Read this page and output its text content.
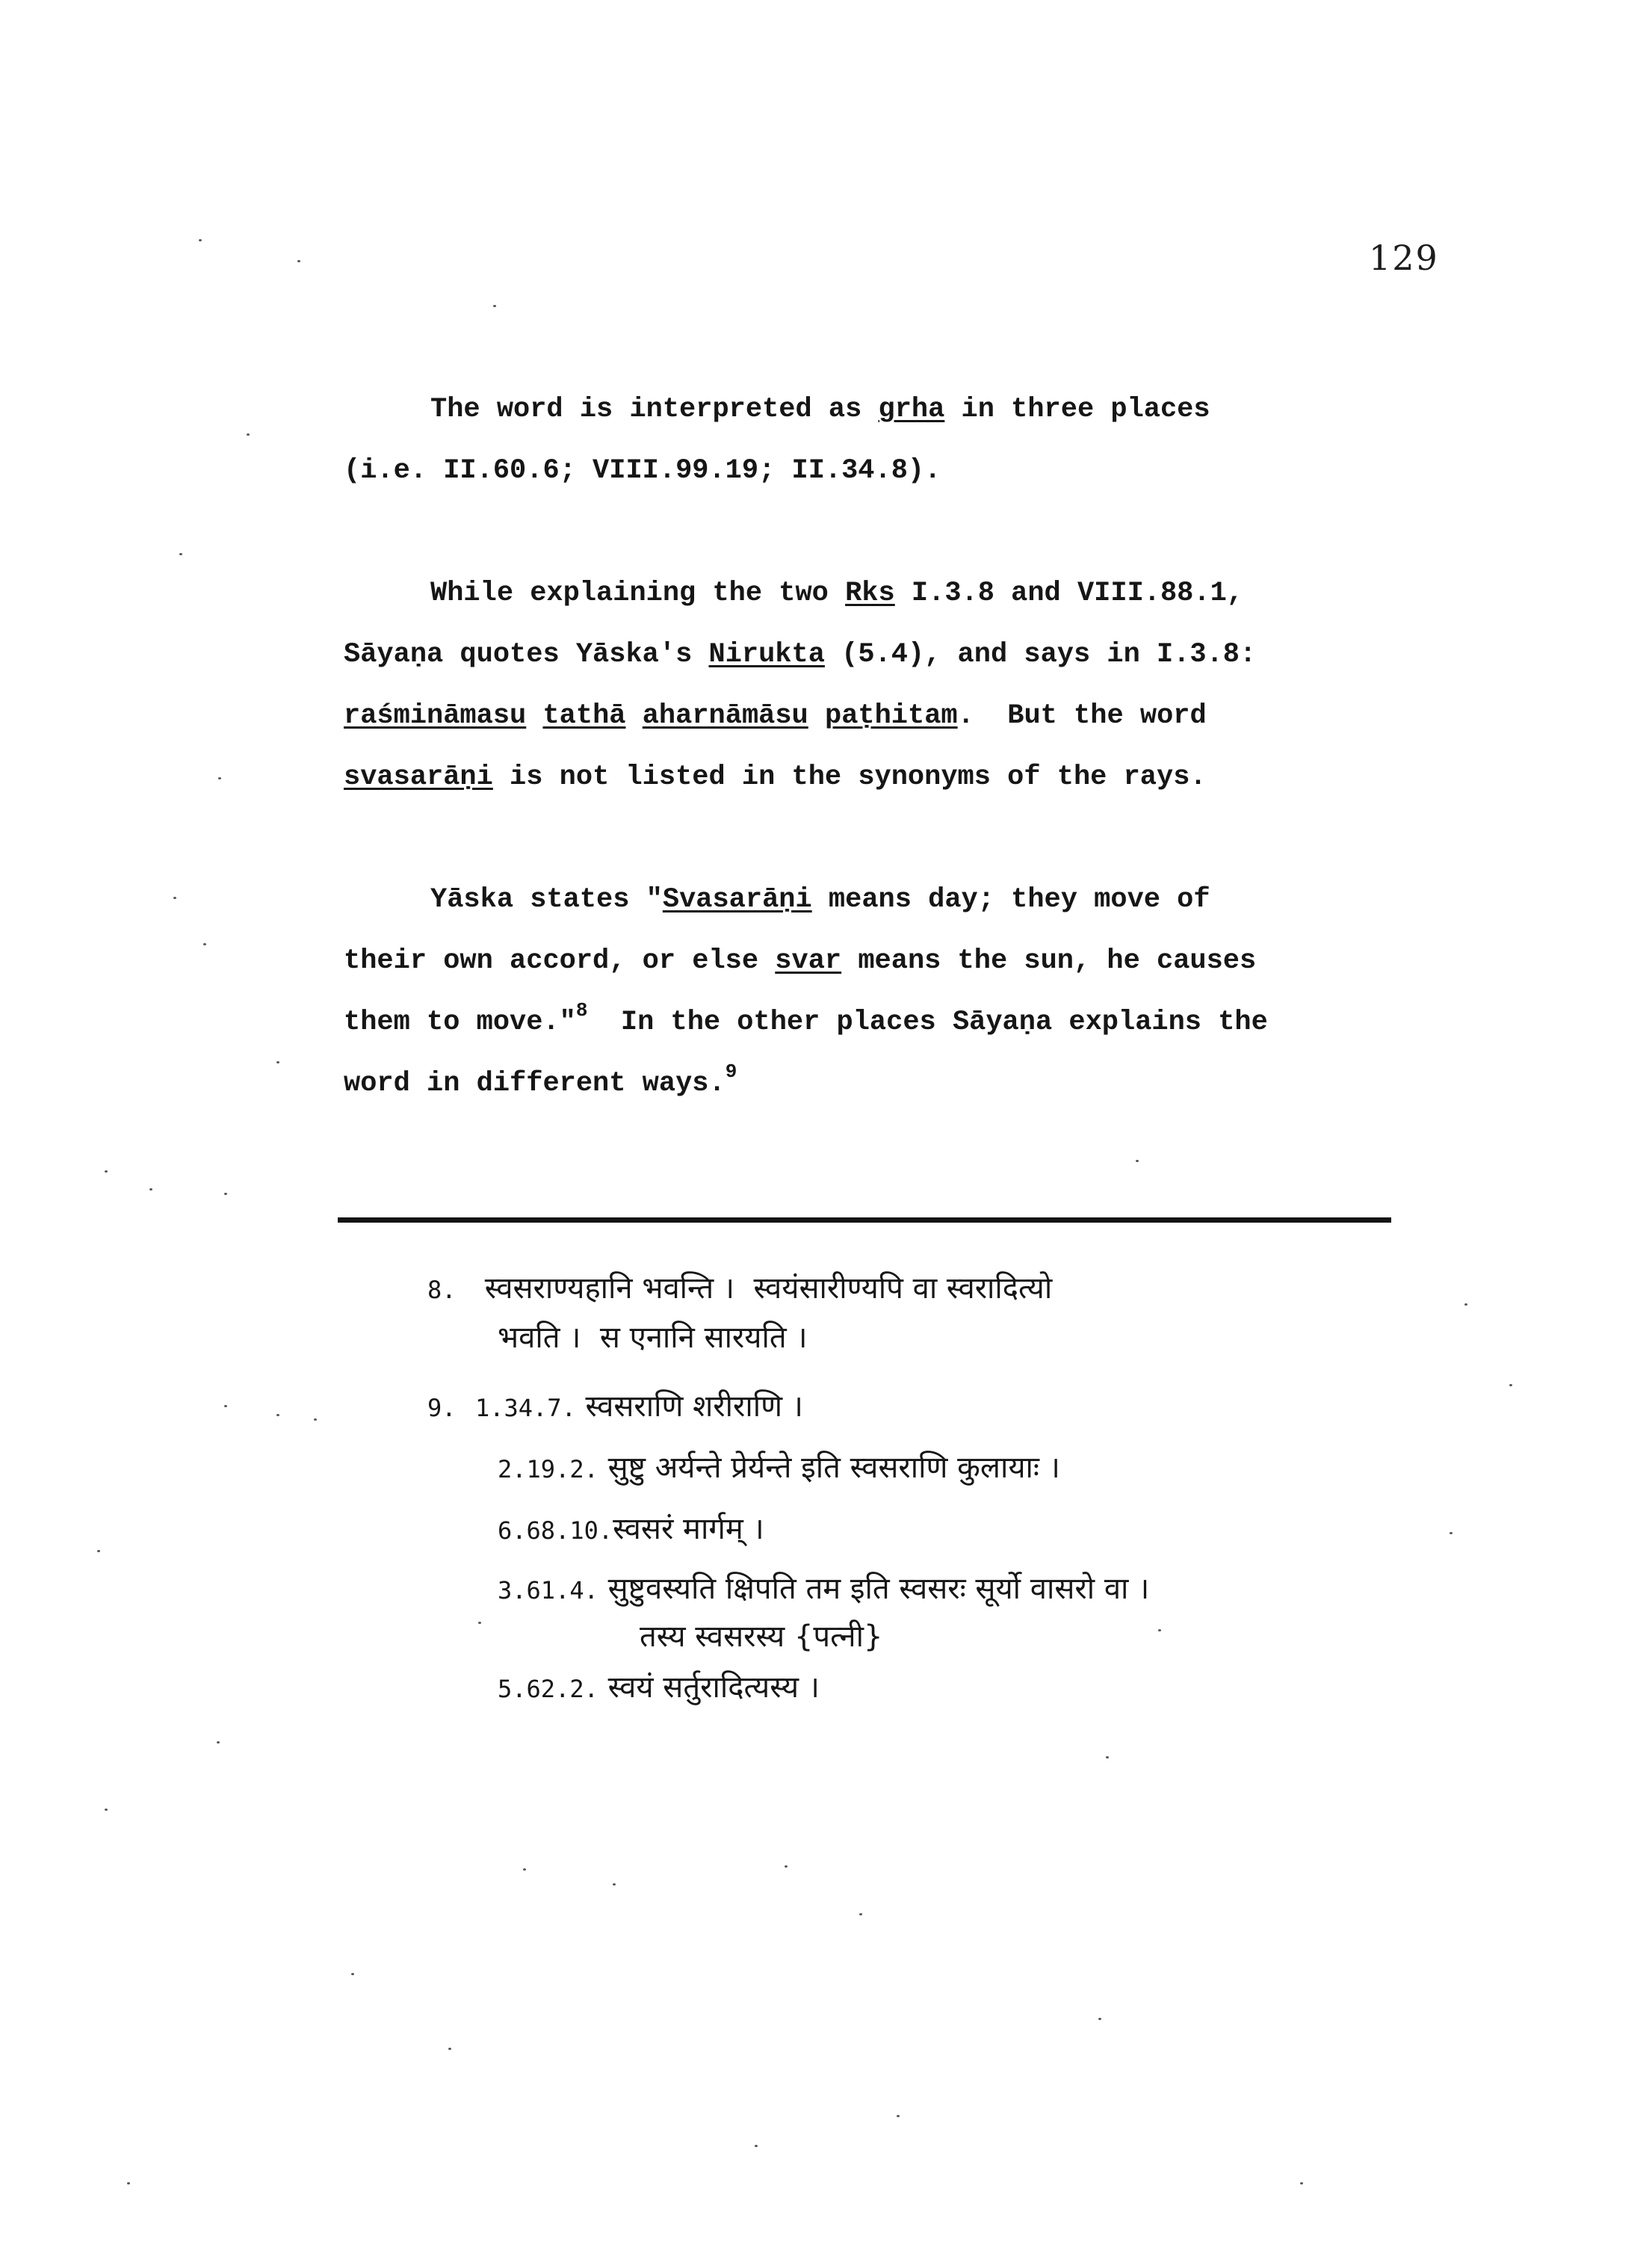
129
The word is interpreted as grha in three places
(i.e. II.60.6; VIII.99.19; II.34.8).
While explaining the two Rks I.3.8 and VIII.88.1,
Sāyaṇa quotes Yāska's Nirukta (5.4), and says in I.3.8:
raśmināmasu tathā aharnāmāsu paṭhitam.  But the word
svasarāṇi is not listed in the synonyms of the rays.
Yāska states "Svasarāṇi means day; they move of
their own accord, or else svar means the sun, he causes
them to move."$^8$  In the other places Sāyaṇa explains the
word in different ways.$^9$
8. स्वसराण्यहानि भवन्ति ।  स्वयंसारीण्यपि वा स्वरादित्यो
भवति ।  स एनानि सारयति ।
9. 1.34.7. स्वसराणि शरीराणि ।
2.19.2. सुष्टु अर्यन्ते प्रेर्यन्ते इति स्वसराणि कुलायाः ।
6.68.10.स्वसरं मार्गम् ।
3.61.4. सुष्टुवस्यति क्षिपति तम इति स्वसरः सूर्यो वासरो वा ।
तस्य स्वसरस्य {पत्नी}
5.62.2. स्वयं सर्तुरादित्यस्य ।
